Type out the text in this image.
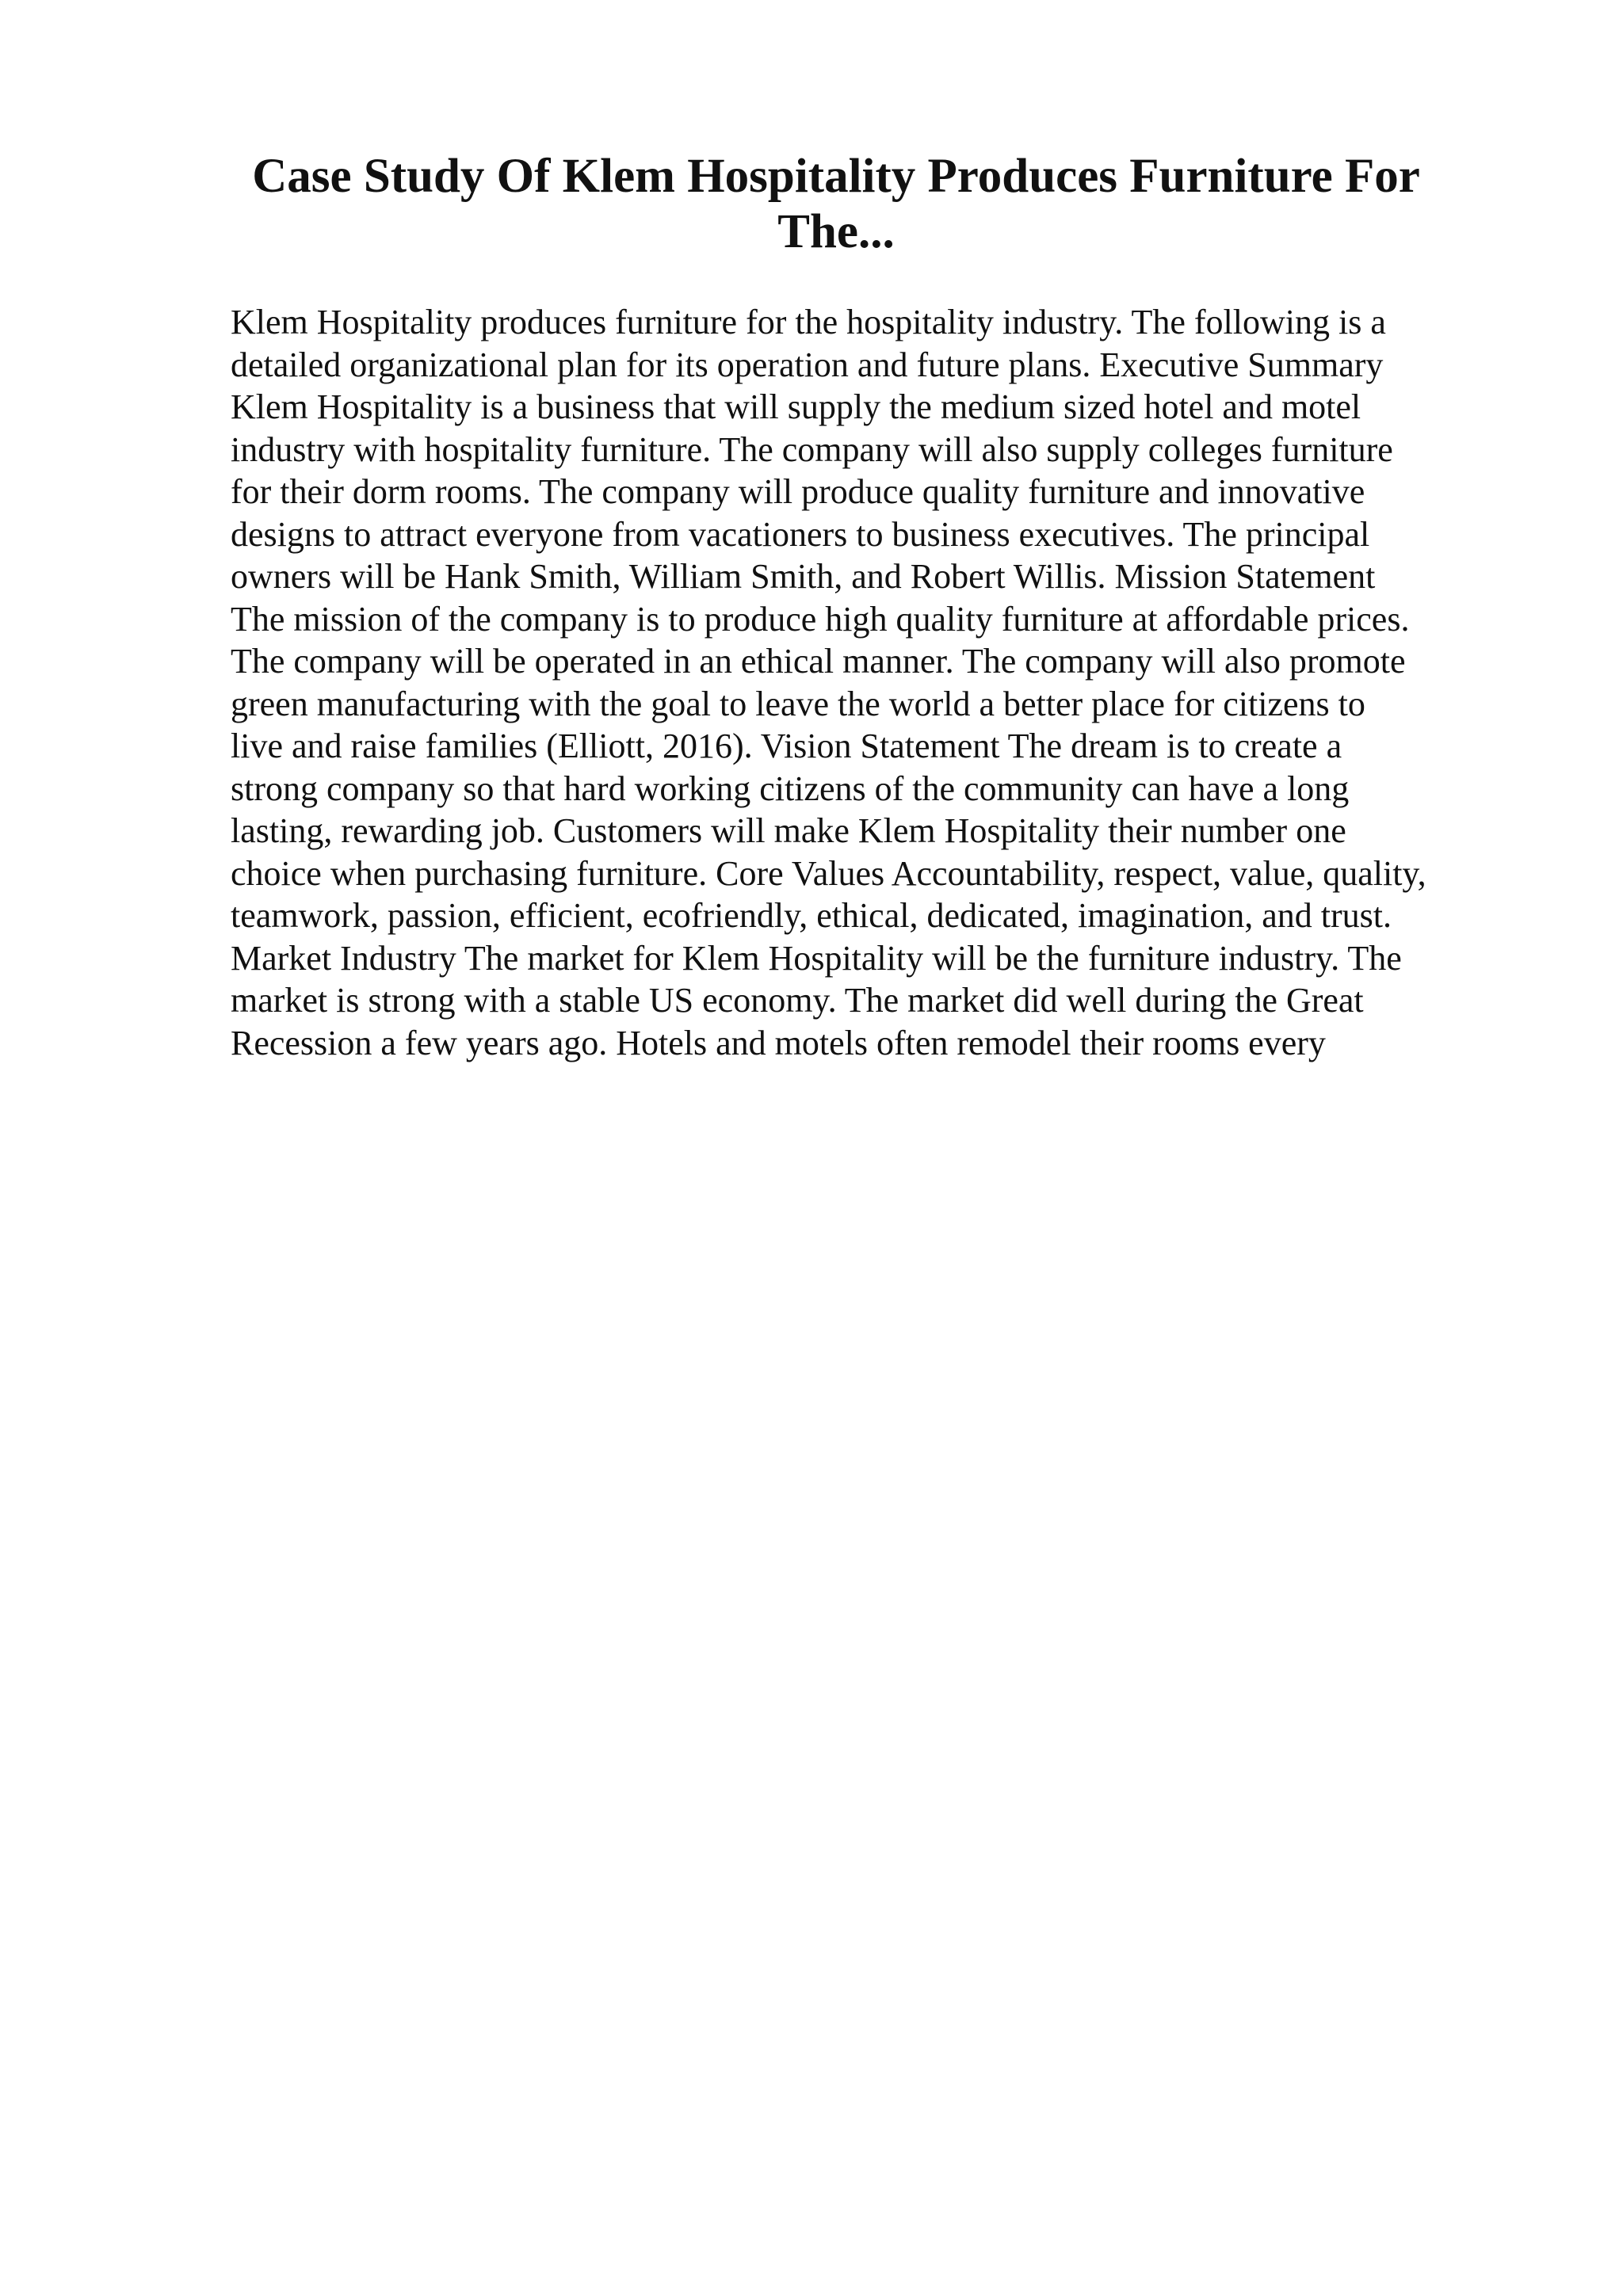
Case Study Of Klem Hospitality Produces Furniture For The...
Klem Hospitality produces furniture for the hospitality industry. The following is a
detailed organizational plan for its operation and future plans. Executive Summary
Klem Hospitality is a business that will supply the medium sized hotel and motel
industry with hospitality furniture. The company will also supply colleges furniture
for their dorm rooms. The company will produce quality furniture and innovative
designs to attract everyone from vacationers to business executives. The principal
owners will be Hank Smith, William Smith, and Robert Willis. Mission Statement
The mission of the company is to produce high quality furniture at affordable prices.
The company will be operated in an ethical manner. The company will also promote
green manufacturing with the goal to leave the world a better place for citizens to
live and raise families (Elliott, 2016). Vision Statement The dream is to create a
strong company so that hard working citizens of the community can have a long
lasting, rewarding job. Customers will make Klem Hospitality their number one
choice when purchasing furniture. Core Values Accountability, respect, value, quality,
teamwork, passion, efficient, ecofriendly, ethical, dedicated, imagination, and trust.
Market Industry The market for Klem Hospitality will be the furniture industry. The
market is strong with a stable US economy. The market did well during the Great
Recession a few years ago. Hotels and motels often remodel their rooms every
